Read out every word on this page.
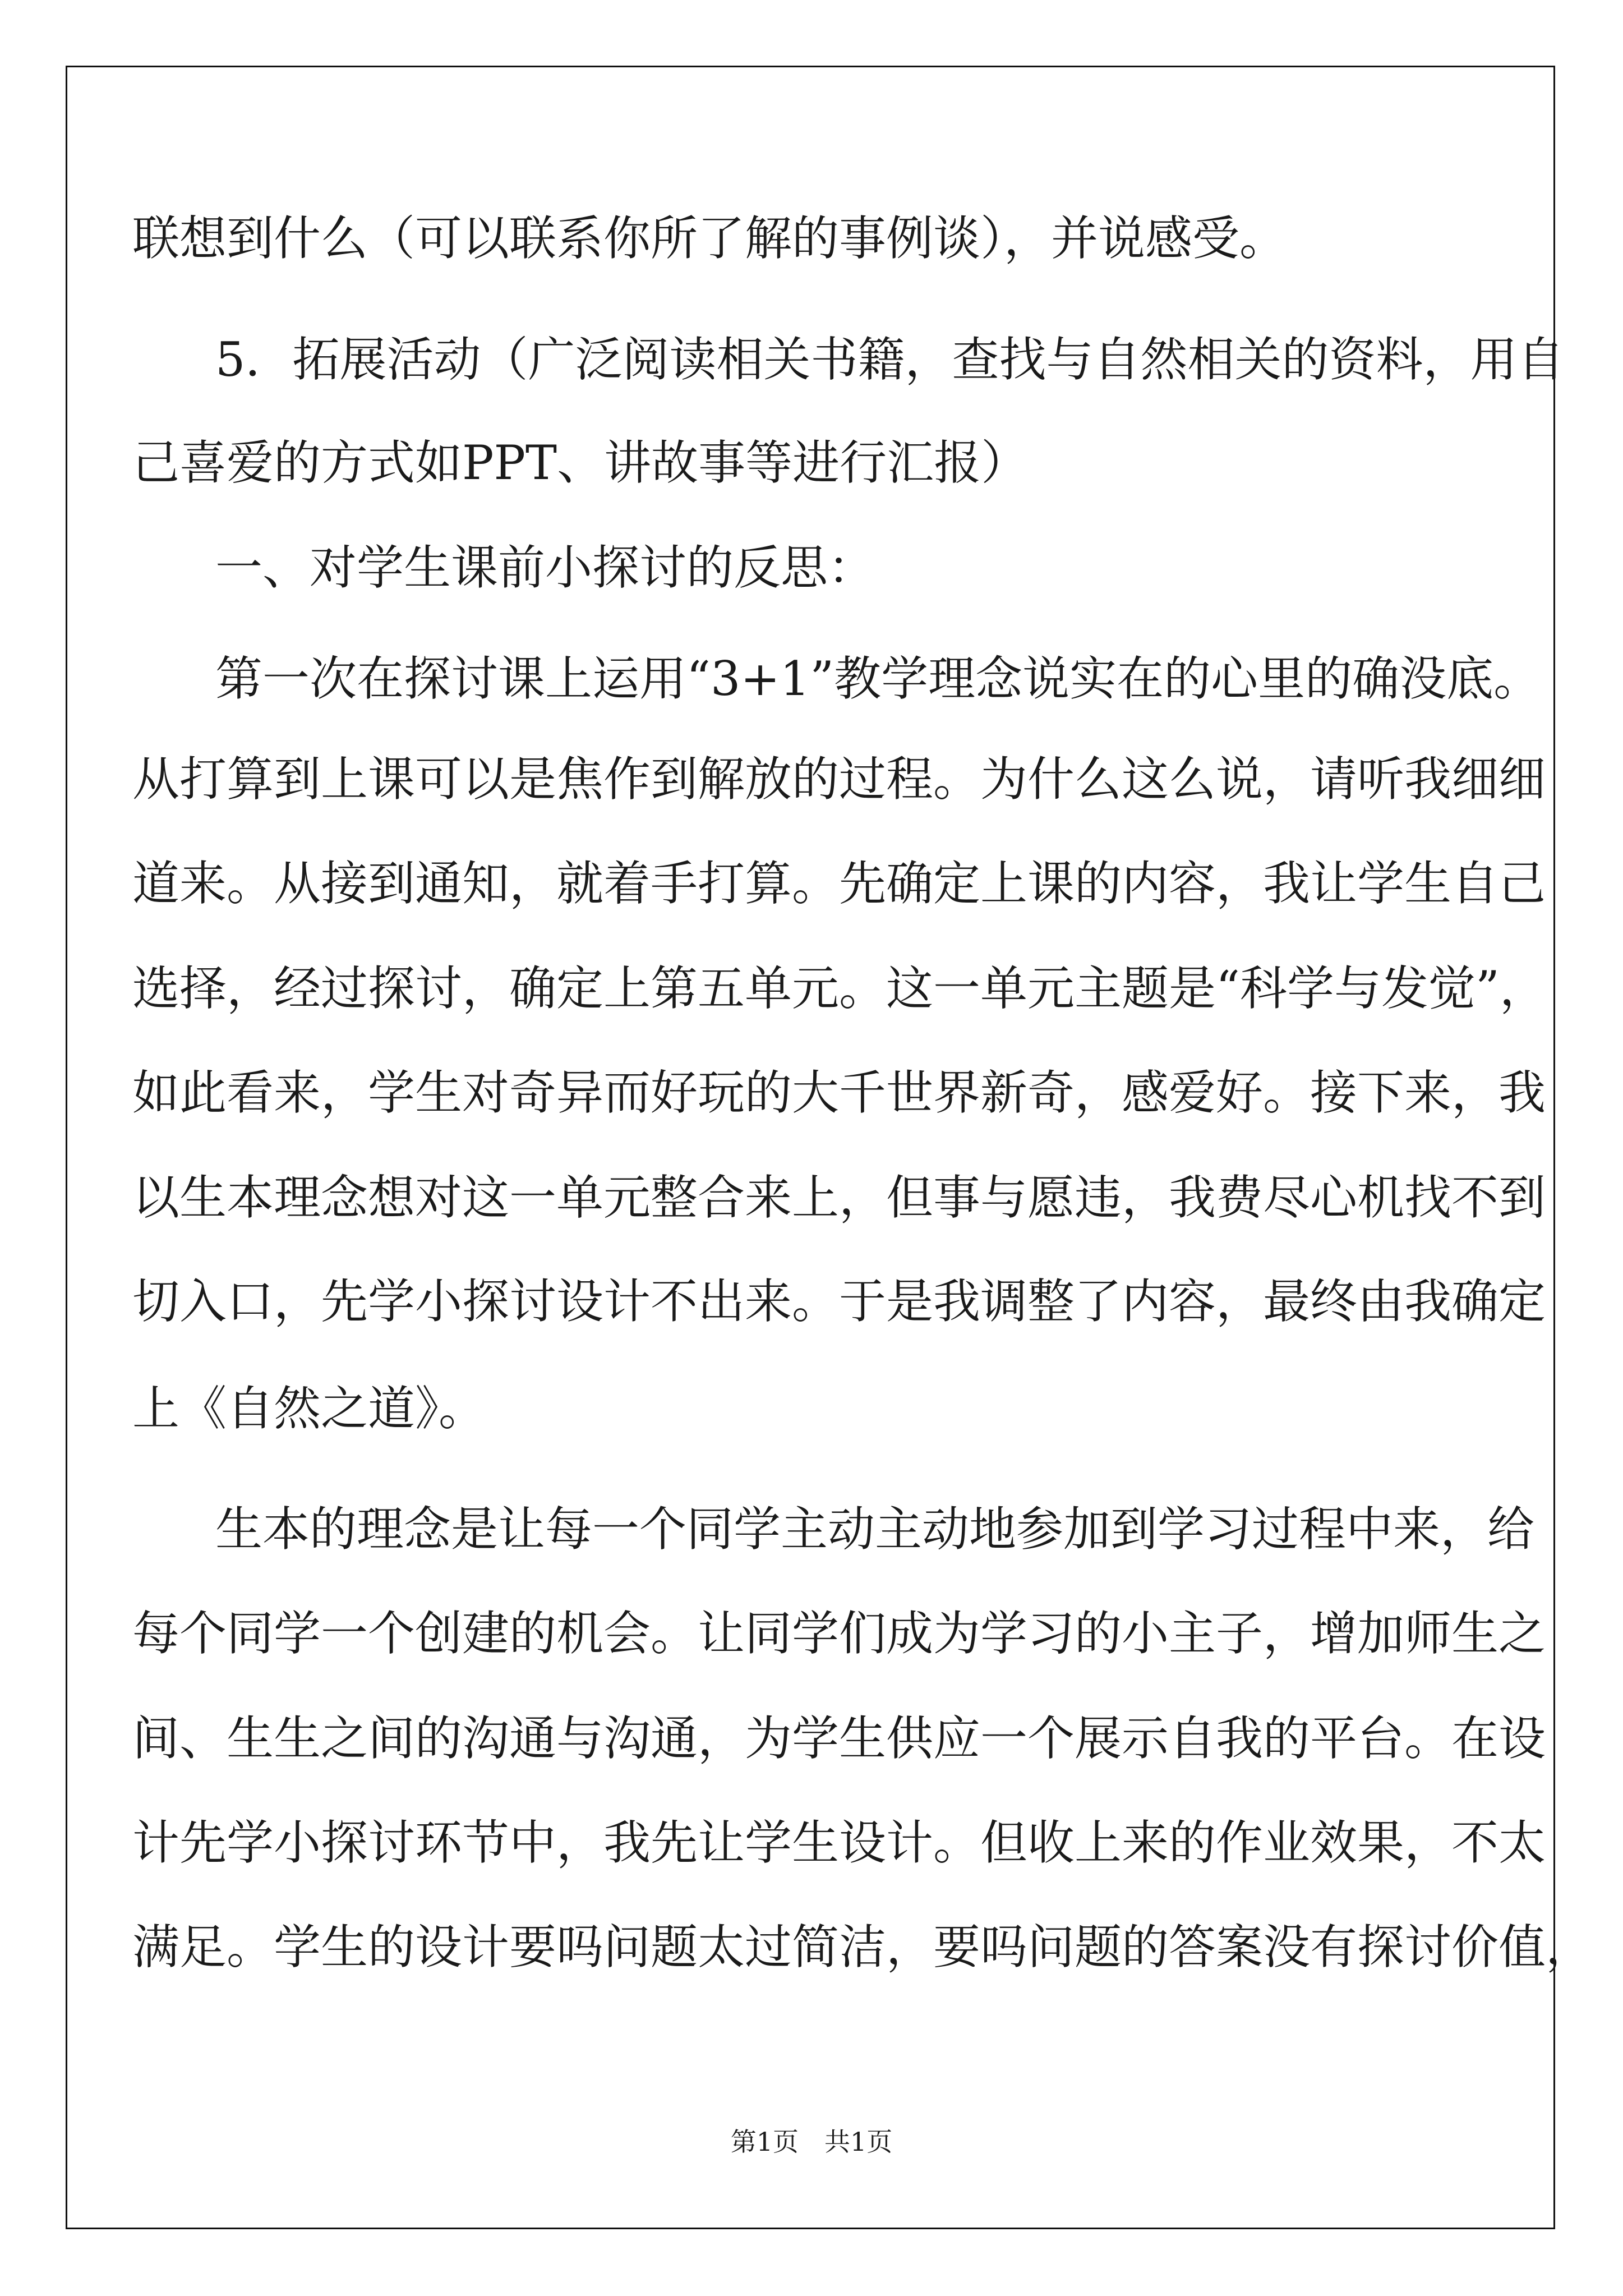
联想到什么（可以联系你所了解的事例谈），并说感受。
5．拓展活动（广泛阅读相关书籍，查找与自然相关的资料，用自
己喜爱的方式如PPT、讲故事等进行汇报）
一、对学生课前小探讨的反思：
第一次在探讨课上运用“3+1”教学理念说实在的心里的确没底。
从打算到上课可以是焦作到解放的过程。为什么这么说，请听我细细
道来。从接到通知，就着手打算。先确定上课的内容，我让学生自己
选择，经过探讨，确定上第五单元。这一单元主题是“科学与发觉”，
如此看来，学生对奇异而好玩的大千世界新奇，感爱好。接下来，我
以生本理念想对这一单元整合来上，但事与愿违，我费尽心机找不到
切入口，先学小探讨设计不出来。于是我调整了内容，最终由我确定
上《自然之道》。
生本的理念是让每一个同学主动主动地参加到学习过程中来，给
每个同学一个创建的机会。让同学们成为学习的小主子，增加师生之
间、生生之间的沟通与沟通，为学生供应一个展示自我的平台。在设
计先学小探讨环节中，我先让学生设计。但收上来的作业效果，不太
满足。学生的设计要吗问题太过简洁，要吗问题的答案没有探讨价值，
第1页　共1页
